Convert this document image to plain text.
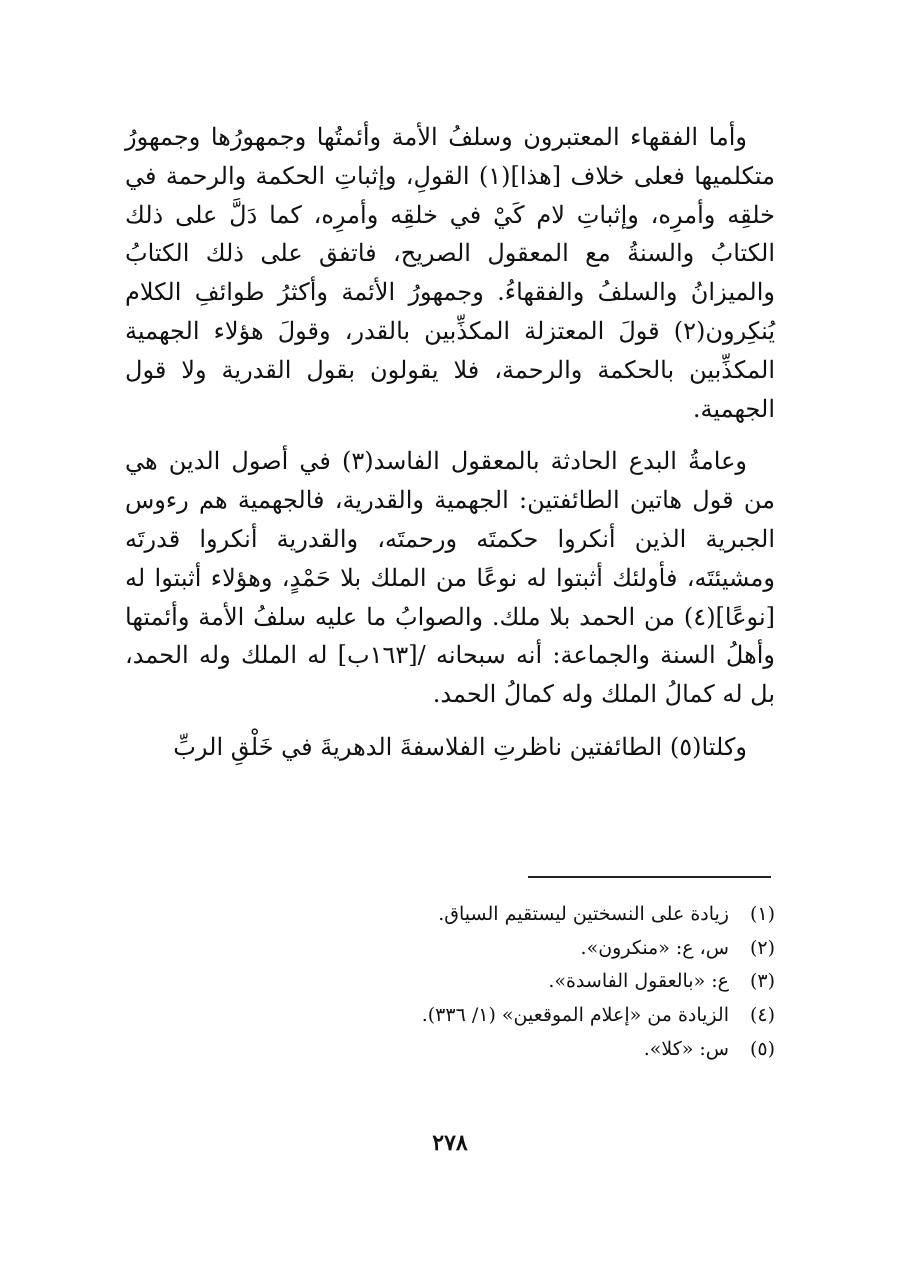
وأما الفقهاء المعتبرون وسلفُ الأمة وأئمتُها وجمهورُها وجمهورُ متكلميها فعلى خلاف [هذا](١) القولِ، وإثباتِ الحكمة والرحمة في خلقِه وأمرِه، وإثباتِ لام كَيْ في خلقِه وأمرِه، كما دَلَّ على ذلك الكتابُ والسنةُ مع المعقول الصريح، فاتفق على ذلك الكتابُ والميزانُ والسلفُ والفقهاءُ. وجمهورُ الأئمة وأكثرُ طوائفِ الكلام يُنكِرون(٢) قولَ المعتزلة المكذِّبين بالقدر، وقولَ هؤلاء الجهمية المكذِّبين بالحكمة والرحمة، فلا يقولون بقول القدرية ولا قول الجهمية.

وعامةُ البدع الحادثة بالمعقول الفاسد(٣) في أصول الدين هي من قول هاتين الطائفتين: الجهمية والقدرية، فالجهمية هم رءوس الجبرية الذين أنكروا حكمتَه ورحمتَه، والقدرية أنكروا قدرتَه ومشيئتَه، فأولئك أثبتوا له نوعًا من الملك بلا حَمْدٍ، وهؤلاء أثبتوا له [نوعًا](٤) من الحمد بلا ملك. والصوابُ ما عليه سلفُ الأمة وأئمتها وأهلُ السنة والجماعة: أنه سبحانه /[١٦٣ب] له الملك وله الحمد، بل له كمالُ الملك وله كمالُ الحمد.

وكلتا(٥) الطائفتين ناظرتِ الفلاسفةَ الدهريةَ في خَلْقِ الربِّ

(١)زيادة على النسختين ليستقيم السياق.
(٢)س، ع: «منكرون».
(٣)ع: «بالعقول الفاسدة».
(٤)الزيادة من «إعلام الموقعين» (١/ ٣٣٦).
(٥)س: «كلا».
٢٧٨
